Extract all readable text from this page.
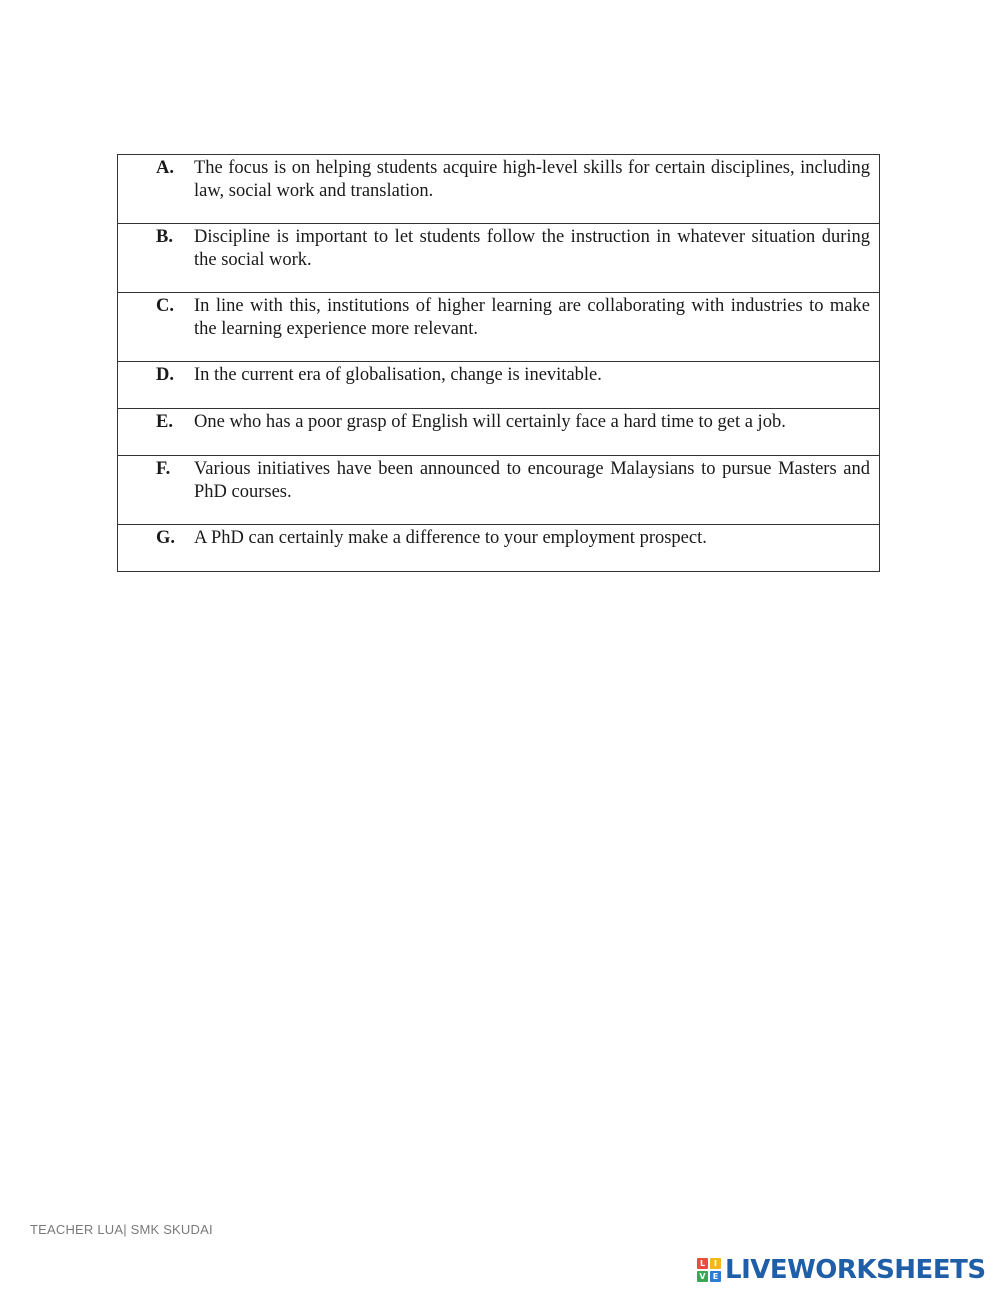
A.	The focus is on helping students acquire high-level skills for certain disciplines, including law, social work and translation.
B.	Discipline is important to let students follow the instruction in whatever situation during the social work.
C.	In line with this, institutions of higher learning are collaborating with industries to make the learning experience more relevant.
D.	In the current era of globalisation, change is inevitable.
E.	One who has a poor grasp of English will certainly face a hard time to get a job.
F.	Various initiatives have been announced to encourage Malaysians to pursue Masters and PhD courses.
G.	A PhD can certainly make a difference to your employment prospect.
TEACHER LUA| SMK SKUDAI
L	I
V E LIVEWORKSHEETS
